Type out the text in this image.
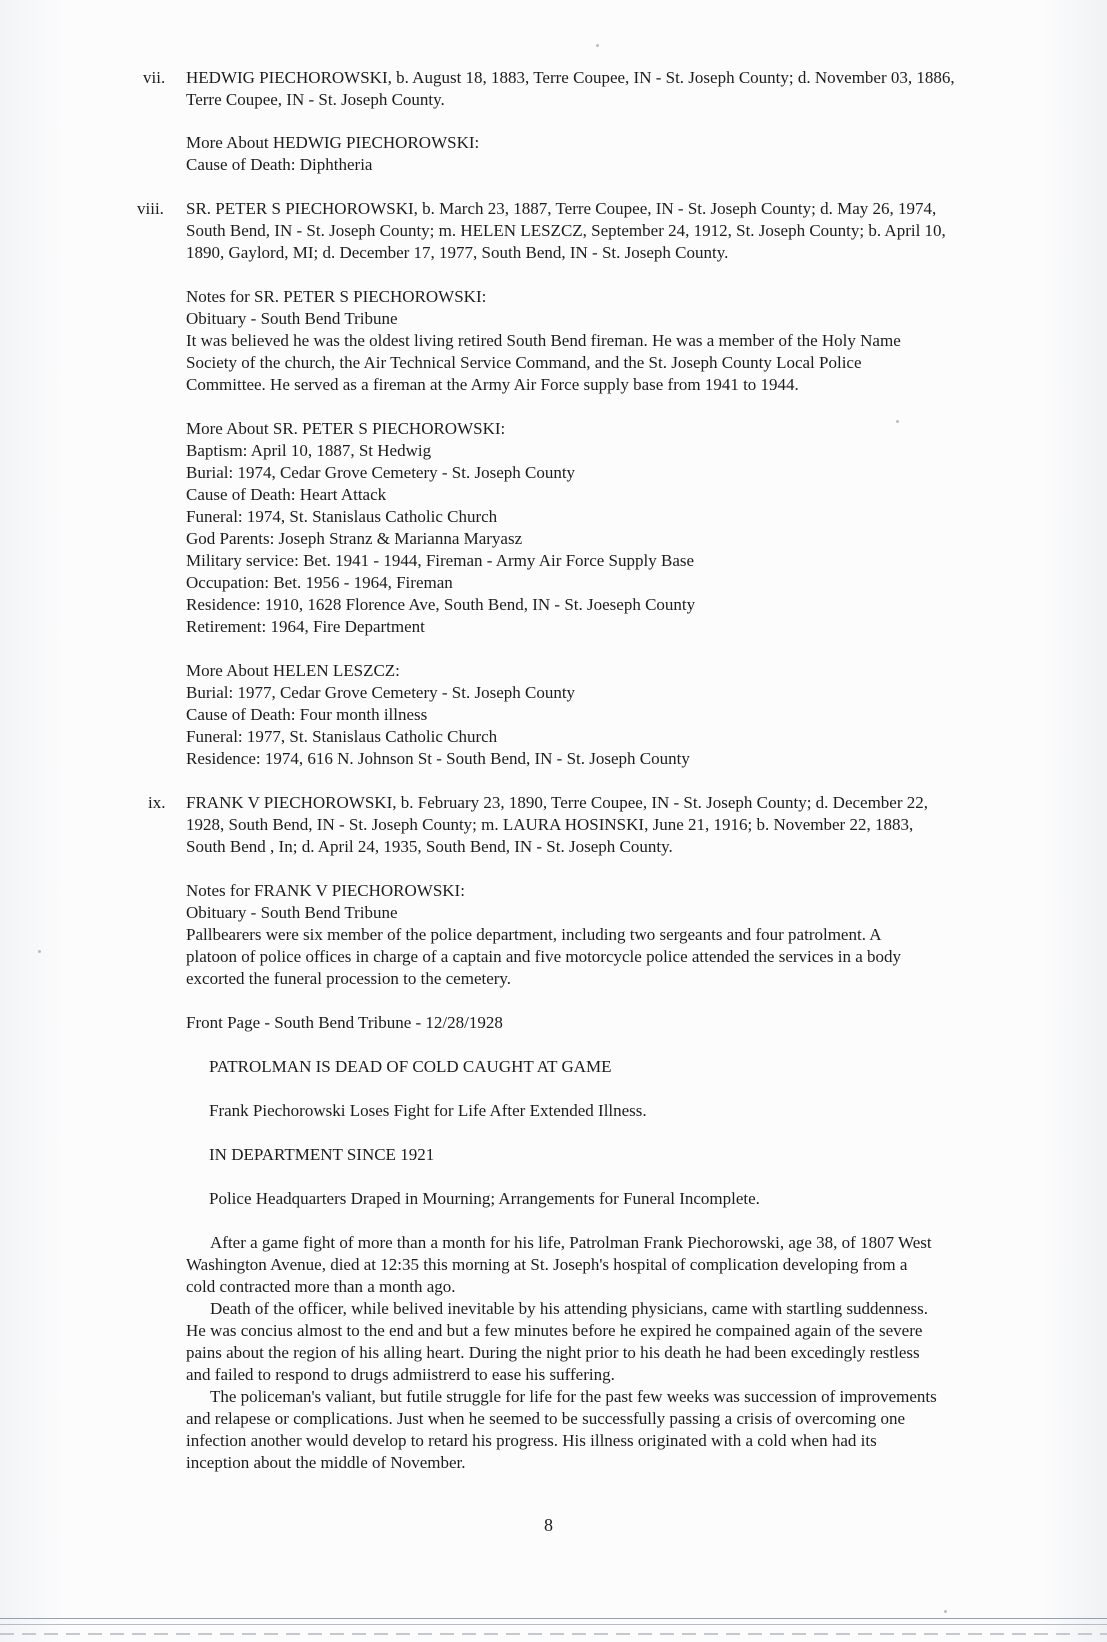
vii. HEDWIG PIECHOROWSKI, b. August 18, 1883, Terre Coupee, IN - St. Joseph County; d. November 03, 1886,

Terre Coupee, IN - St. Joseph County.

More About HEDWIG PIECHOROWSKI:

Cause of Death: Diphtheria

viii. SR. PETER S PIECHOROWSKI, b. March 23, 1887, Terre Coupee, IN - St. Joseph County; d. May 26, 1974,

South Bend, IN - St. Joseph County; m. HELEN LESZCZ, September 24, 1912, St. Joseph County; b. April 10,

1890, Gaylord, MI; d. December 17, 1977, South Bend, IN - St. Joseph County.

Notes for SR. PETER S PIECHOROWSKI:

Obituary - South Bend Tribune

It was believed he was the oldest living retired South Bend fireman. He was a member of the Holy Name

Society of the church, the Air Technical Service Command, and the St. Joseph County Local Police

Committee. He served as a fireman at the Army Air Force supply base from 1941 to 1944.

More About SR. PETER S PIECHOROWSKI:

Baptism: April 10, 1887, St Hedwig

Burial: 1974, Cedar Grove Cemetery - St. Joseph County

Cause of Death: Heart Attack

Funeral: 1974, St. Stanislaus Catholic Church

God Parents: Joseph Stranz & Marianna Maryasz

Military service: Bet. 1941 - 1944, Fireman - Army Air Force Supply Base

Occupation: Bet. 1956 - 1964, Fireman

Residence: 1910, 1628 Florence Ave, South Bend, IN - St. Joeseph County

Retirement: 1964, Fire Department

More About HELEN LESZCZ:

Burial: 1977, Cedar Grove Cemetery - St. Joseph County

Cause of Death: Four month illness

Funeral: 1977, St. Stanislaus Catholic Church

Residence: 1974, 616 N. Johnson St - South Bend, IN - St. Joseph County

ix. FRANK V PIECHOROWSKI, b. February 23, 1890, Terre Coupee, IN - St. Joseph County; d. December 22,

1928, South Bend, IN - St. Joseph County; m. LAURA HOSINSKI, June 21, 1916; b. November 22, 1883,

South Bend , In; d. April 24, 1935, South Bend, IN - St. Joseph County.

Notes for FRANK V PIECHOROWSKI:

Obituary - South Bend Tribune

Pallbearers were six member of the police department, including two sergeants and four patrolment. A

platoon of police offices in charge of a captain and five motorcycle police attended the services in a body

excorted the funeral procession to the cemetery.

Front Page - South Bend Tribune - 12/28/1928

PATROLMAN IS DEAD OF COLD CAUGHT AT GAME

Frank Piechorowski Loses Fight for Life After Extended Illness.

IN DEPARTMENT SINCE 1921

Police Headquarters Draped in Mourning; Arrangements for Funeral Incomplete.

After a game fight of more than a month for his life, Patrolman Frank Piechorowski, age 38, of 1807 West

Washington Avenue, died at 12:35 this morning at St. Joseph's hospital of complication developing from a

cold contracted more than a month ago.

Death of the officer, while belived inevitable by his attending physicians, came with startling suddenness.

He was concius almost to the end and but a few minutes before he expired he compained again of the severe

pains about the region of his alling heart. During the night prior to his death he had been excedingly restless

and failed to respond to drugs admiistrerd to ease his suffering.

The policeman's valiant, but futile struggle for life for the past few weeks was succession of improvements

and relapese or complications. Just when he seemed to be successfully passing a crisis of overcoming one

infection another would develop to retard his progress. His illness originated with a cold when had its

inception about the middle of November.

8
